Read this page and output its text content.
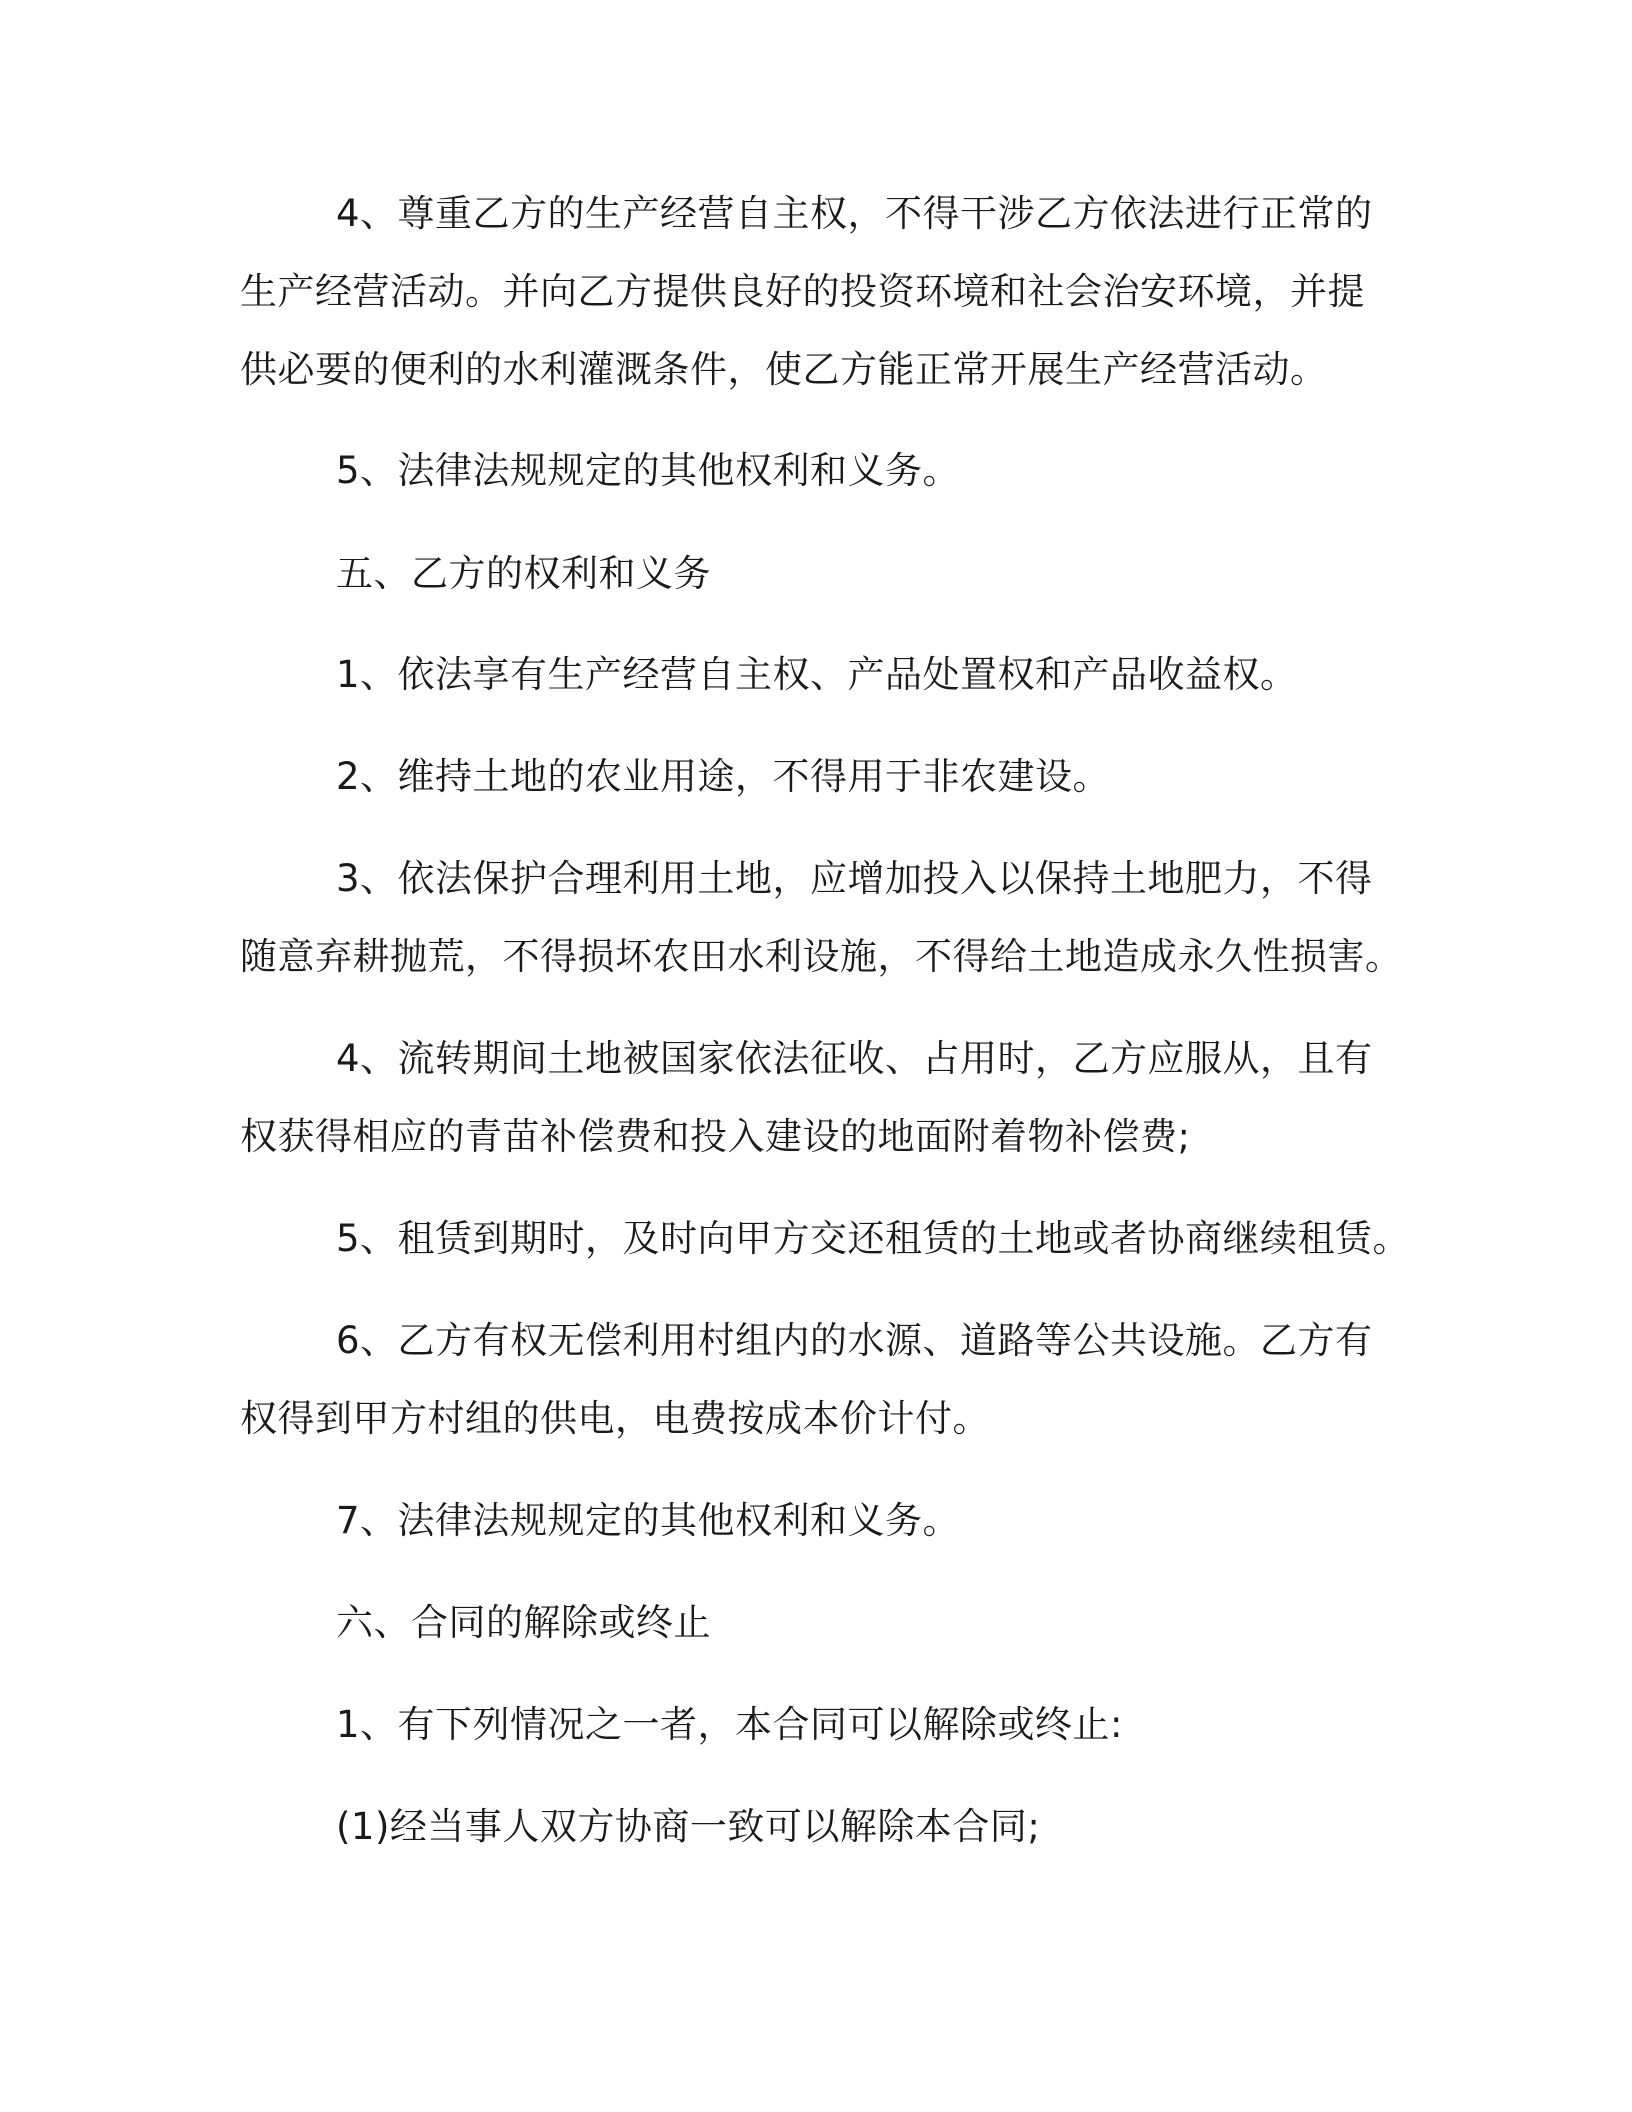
4、尊重乙方的生产经营自主权，不得干涉乙方依法进行正常的
生产经营活动。并向乙方提供良好的投资环境和社会治安环境，并提
供必要的便利的水利灌溉条件，使乙方能正常开展生产经营活动。
5、法律法规规定的其他权利和义务。
五、乙方的权利和义务
1、依法享有生产经营自主权、产品处置权和产品收益权。
2、维持土地的农业用途，不得用于非农建设。
3、依法保护合理利用土地，应增加投入以保持土地肥力，不得
随意弃耕抛荒，不得损坏农田水利设施，不得给土地造成永久性损害。
4、流转期间土地被国家依法征收、占用时，乙方应服从，且有
权获得相应的青苗补偿费和投入建设的地面附着物补偿费;
5、租赁到期时，及时向甲方交还租赁的土地或者协商继续租赁。
6、乙方有权无偿利用村组内的水源、道路等公共设施。乙方有
权得到甲方村组的供电，电费按成本价计付。
7、法律法规规定的其他权利和义务。
六、合同的解除或终止
1、有下列情况之一者，本合同可以解除或终止:
(1)经当事人双方协商一致可以解除本合同;
